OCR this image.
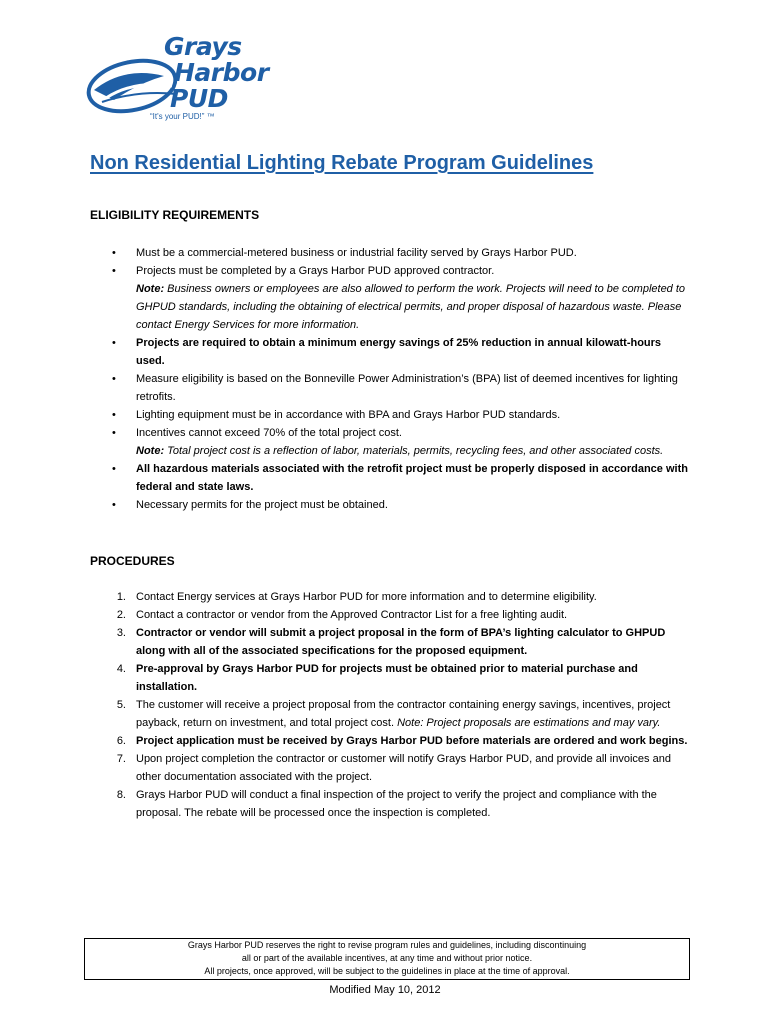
Grays
Harbor
PUD
“It's your PUD!” ™
Non Residential Lighting Rebate Program Guidelines
ELIGIBILITY REQUIREMENTS
• Must be a commercial-metered business or industrial facility served by Grays Harbor PUD.
• Projects must be completed by a Grays Harbor PUD approved contractor.
Note: Business owners or employees are also allowed to perform the work. Projects will need to be completed to GHPUD standards, including the obtaining of electrical permits, and proper disposal of hazardous waste. Please contact Energy Services for more information.
• Projects are required to obtain a minimum energy savings of 25% reduction in annual kilowatt-hours used.
• Measure eligibility is based on the Bonneville Power Administration’s (BPA) list of deemed incentives for lighting retrofits.
• Lighting equipment must be in accordance with BPA and Grays Harbor PUD standards.
• Incentives cannot exceed 70% of the total project cost.
Note: Total project cost is a reflection of labor, materials, permits, recycling fees, and other associated costs.
• All hazardous materials associated with the retrofit project must be properly disposed in accordance with federal and state laws.
• Necessary permits for the project must be obtained.
PROCEDURES
1. Contact Energy services at Grays Harbor PUD for more information and to determine eligibility.
2. Contact a contractor or vendor from the Approved Contractor List for a free lighting audit.
3. Contractor or vendor will submit a project proposal in the form of BPA’s lighting calculator to GHPUD along with all of the associated specifications for the proposed equipment.
4. Pre-approval by Grays Harbor PUD for projects must be obtained prior to material purchase and installation.
5. The customer will receive a project proposal from the contractor containing energy savings, incentives, project payback, return on investment, and total project cost. Note: Project proposals are estimations and may vary.
6. Project application must be received by Grays Harbor PUD before materials are ordered and work begins.
7. Upon project completion the contractor or customer will notify Grays Harbor PUD, and provide all invoices and other documentation associated with the project.
8. Grays Harbor PUD will conduct a final inspection of the project to verify the project and compliance with the proposal. The rebate will be processed once the inspection is completed.
Grays Harbor PUD reserves the right to revise program rules and guidelines, including discontinuing
all or part of the available incentives, at any time and without prior notice.
All projects, once approved, will be subject to the guidelines in place at the time of approval.
Modified May 10, 2012
